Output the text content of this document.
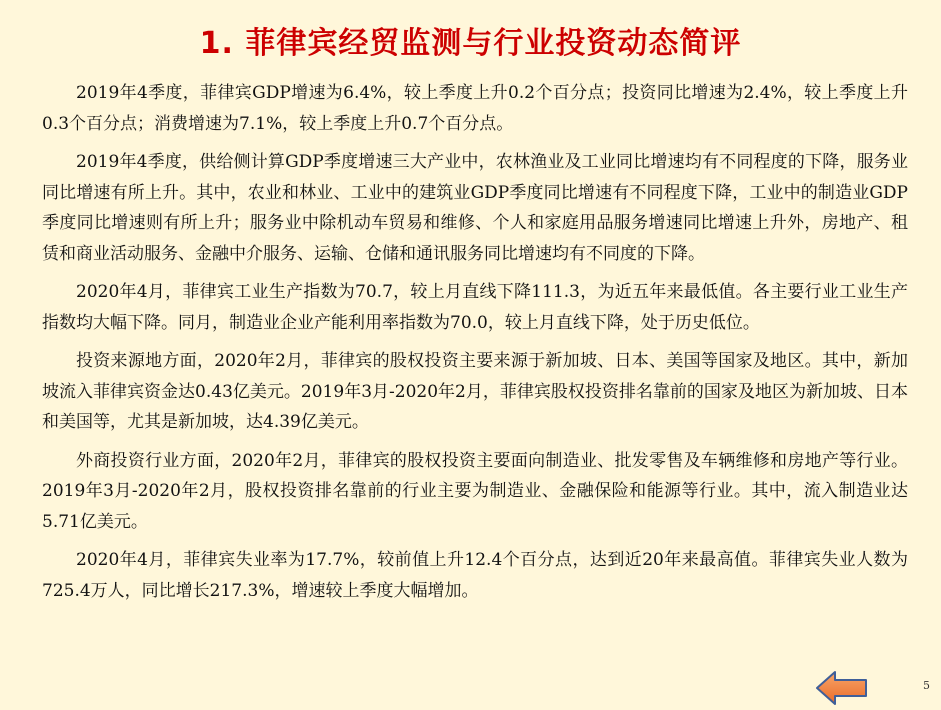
1. 菲律宾经贸监测与行业投资动态简评

2019年4季度，菲律宾GDP增速为6.4%，较上季度上升0.2个百分点；投资同比增速为2.4%，较上季度上升0.3个百分点；消费增速为7.1%，较上季度上升0.7个百分点。

2019年4季度，供给侧计算GDP季度增速三大产业中，农林渔业及工业同比增速均有不同程度的下降，服务业同比增速有所上升。其中，农业和林业、工业中的建筑业GDP季度同比增速有不同程度下降，工业中的制造业GDP季度同比增速则有所上升；服务业中除机动车贸易和维修、个人和家庭用品服务增速同比增速上升外，房地产、租赁和商业活动服务、金融中介服务、运输、仓储和通讯服务同比增速均有不同度的下降。

2020年4月，菲律宾工业生产指数为70.7，较上月直线下降111.3，为近五年来最低值。各主要行业工业生产指数均大幅下降。同月，制造业企业产能利用率指数为70.0，较上月直线下降，处于历史低位。

投资来源地方面，2020年2月，菲律宾的股权投资主要来源于新加坡、日本、美国等国家及地区。其中，新加坡流入菲律宾资金达0.43亿美元。2019年3月-2020年2月，菲律宾股权投资排名靠前的国家及地区为新加坡、日本和美国等，尤其是新加坡，达4.39亿美元。

外商投资行业方面，2020年2月，菲律宾的股权投资主要面向制造业、批发零售及车辆维修和房地产等行业。2019年3月-2020年2月，股权投资排名靠前的行业主要为制造业、金融保险和能源等行业。其中，流入制造业达5.71亿美元。

2020年4月，菲律宾失业率为17.7%，较前值上升12.4个百分点，达到近20年来最高值。菲律宾失业人数为725.4万人，同比增长217.3%，增速较上季度大幅增加。

5
